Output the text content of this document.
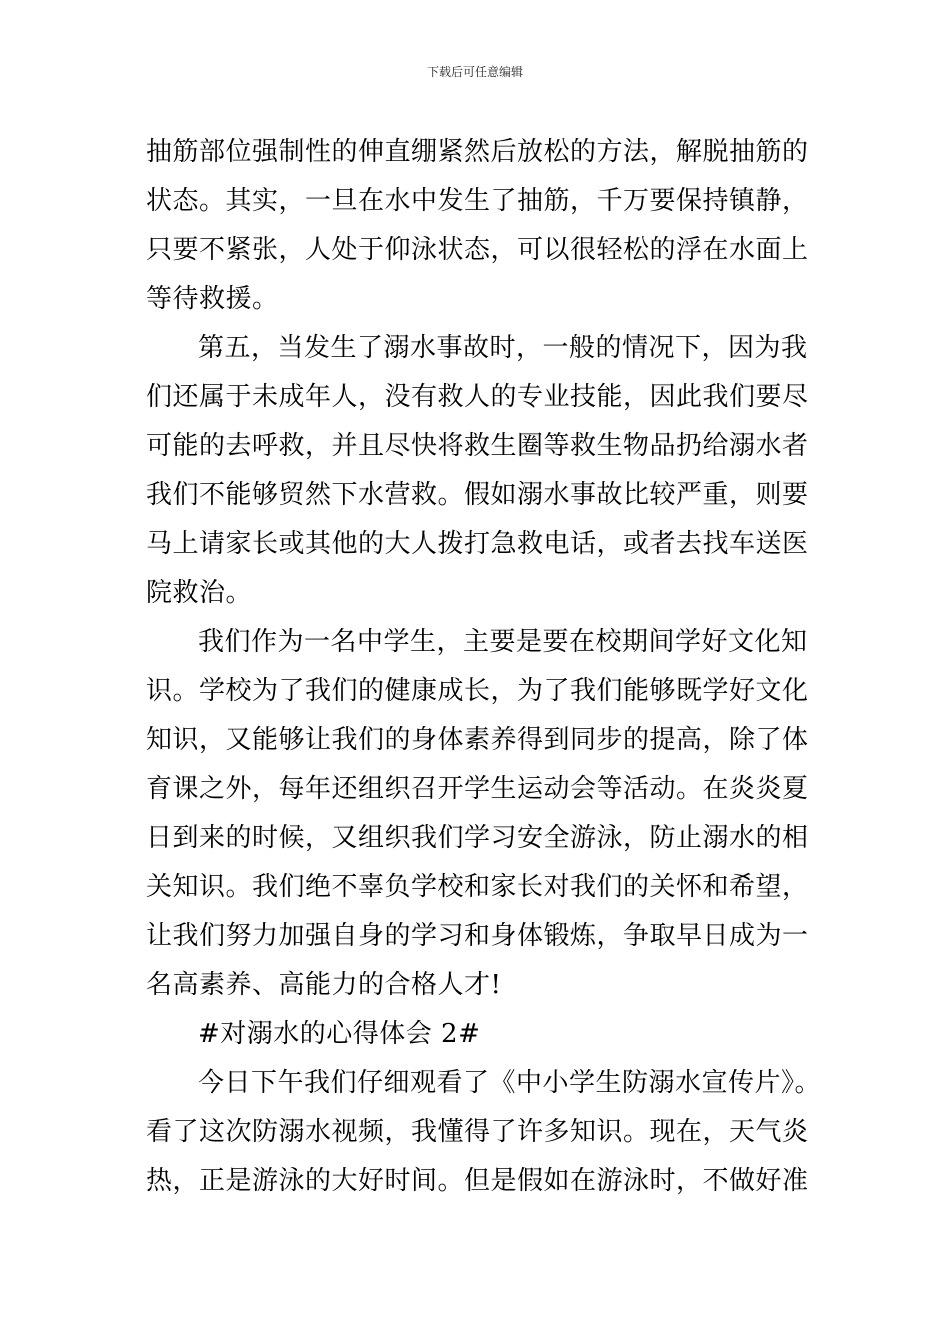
下载后可任意编辑
抽筋部位强制性的伸直绷紧然后放松的方法，解脱抽筋的
状态。其实，一旦在水中发生了抽筋，千万要保持镇静，
只要不紧张，人处于仰泳状态，可以很轻松的浮在水面上
等待救援。
第五，当发生了溺水事故时，一般的情况下，因为我
们还属于未成年人，没有救人的专业技能，因此我们要尽
可能的去呼救，并且尽快将救生圈等救生物品扔给溺水者
我们不能够贸然下水营救。假如溺水事故比较严重，则要
马上请家长或其他的大人拨打急救电话，或者去找车送医
院救治。
我们作为一名中学生，主要是要在校期间学好文化知
识。学校为了我们的健康成长，为了我们能够既学好文化
知识，又能够让我们的身体素养得到同步的提高，除了体
育课之外，每年还组织召开学生运动会等活动。在炎炎夏
日到来的时候，又组织我们学习安全游泳，防止溺水的相
关知识。我们绝不辜负学校和家长对我们的关怀和希望，
让我们努力加强自身的学习和身体锻炼，争取早日成为一
名高素养、高能力的合格人才!
#对溺水的心得体会 2#
今日下午我们仔细观看了《中小学生防溺水宣传片》。
看了这次防溺水视频，我懂得了许多知识。现在，天气炎
热，正是游泳的大好时间。但是假如在游泳时，不做好准
